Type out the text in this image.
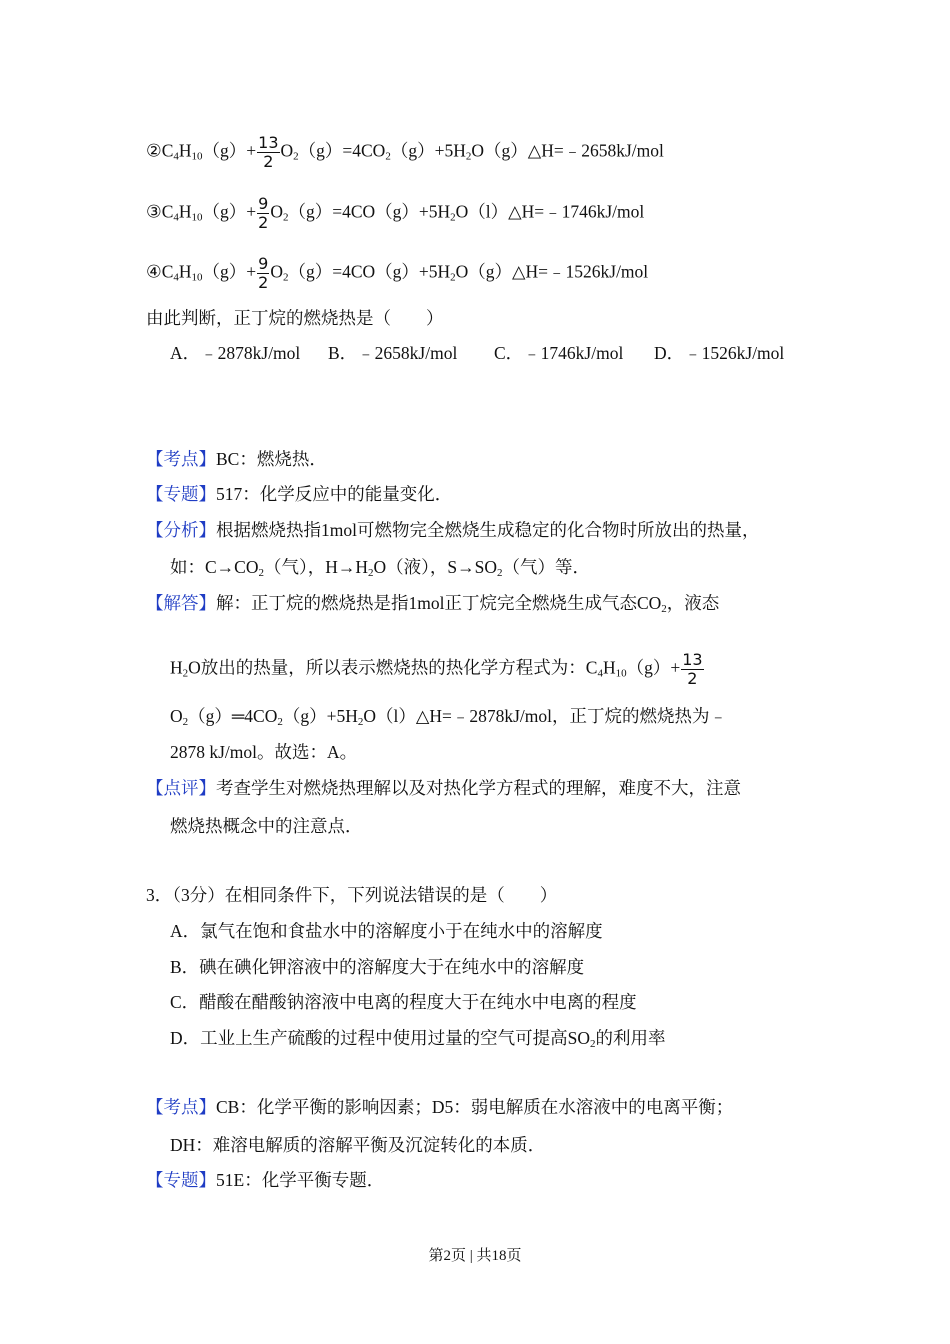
$②C_4H_{10}(g)+ \frac{13}{2}$ $O_2(g)=4CO_2(g)+5H_2O(g)\triangle H=﹣2658kJ$/mol
$③C_4H_{10}(g)+ \frac{9}{2}$ $O_2(g)=4CO(g)+5H_2O(l)\triangle H=﹣1746kJ$/mol
$④C_4H_{10}(g)+ \frac{9}{2}$ $O_2(g)=4CO(g)+5H_2O(g)\triangle H=﹣1526kJ$/mol
由此判断，正丁烷的燃烧热是（　　）
A．﹣2878kJ/mol B．﹣2658kJ/mol C．﹣1746kJ/mol D．﹣1526kJ/mol
【考点】BC：燃烧热．
【专题】517：化学反应中的能量变化．
【分析】根据燃烧热指1mol可燃物完全燃烧生成稳定的化合物时所放出的热量，
如：$C\to CO_2$（气），$H\to H_2O$（液），$S\to SO_2$（气）等．
【解答】解：正丁烷的燃烧热是指1mol正丁烷完全燃烧生成气态$CO_2$，液态
$H_2O$放出的热量，所以表示燃烧热的热化学方程式为：$C_4H_{10}(g)+ \frac{13}{2}$
$O_2(g)═4CO_2(g)+5H_2O(l)\triangle H=﹣2878kJ$/mol，正丁烷的燃烧热为﹣
2878 kJ/mol。故选：A。
【点评】考查学生对燃烧热理解以及对热化学方程式的理解，难度不大，注意
燃烧热概念中的注意点．
3．（3分）在相同条件下，下列说法错误的是（　　）
A．氯气在饱和食盐水中的溶解度小于在纯水中的溶解度
B．碘在碘化钾溶液中的溶解度大于在纯水中的溶解度
C．醋酸在醋酸钠溶液中电离的程度大于在纯水中电离的程度
D．工业上生产硫酸的过程中使用过量的空气可提高$SO_2$的利用率
【考点】CB：化学平衡的影响因素；D5：弱电解质在水溶液中的电离平衡；
DH：难溶电解质的溶解平衡及沉淀转化的本质．
【专题】51E：化学平衡专题．
第2页 | 共18页
